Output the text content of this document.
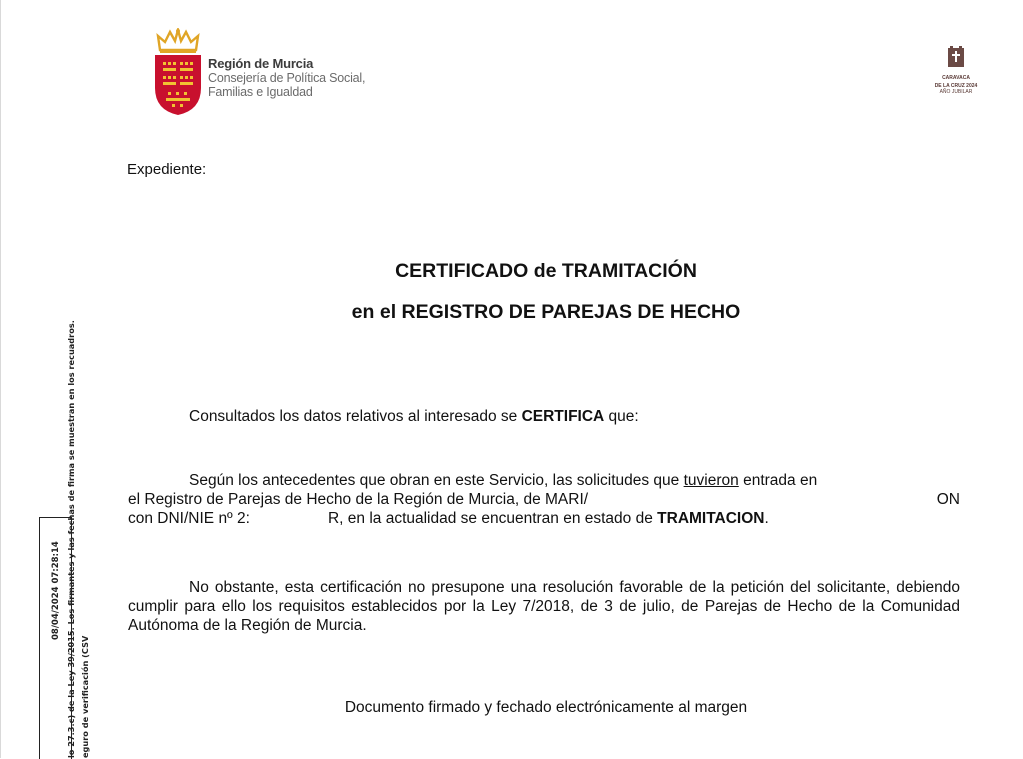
Región de Murcia
Consejería de Política Social,
Familias e Igualdad
CARAVACA
DE LA CRUZ 2024
AÑO JUBILAR
Expediente:
CERTIFICADO de TRAMITACIÓN
en el REGISTRO DE PAREJAS DE HECHO
Consultados los datos relativos al interesado se CERTIFICA que:
Según los antecedentes que obran en este Servicio, las solicitudes que tuvieron entrada en
el Registro de Parejas de Hecho de la Región de Murcia, de MARI/	ON
con DNI/NIE nº 2:	R, en la actualidad se encuentran en estado de TRAMITACION.
No obstante, esta certificación no presupone una resolución favorable de la petición del solicitante, debiendo cumplir para ello los requisitos establecidos por la Ley 7/2018, de 3 de julio, de Parejas de Hecho de la Comunidad Autónoma de la Región de Murcia.
Documento firmado y fechado electrónicamente al margen
lo 27.3.c) de la Ley 39/2015. Los firmantes y las fechas de firma se muestran en los recuadros. eguro de verificación (CSV
08/04/2024 07:28:14
